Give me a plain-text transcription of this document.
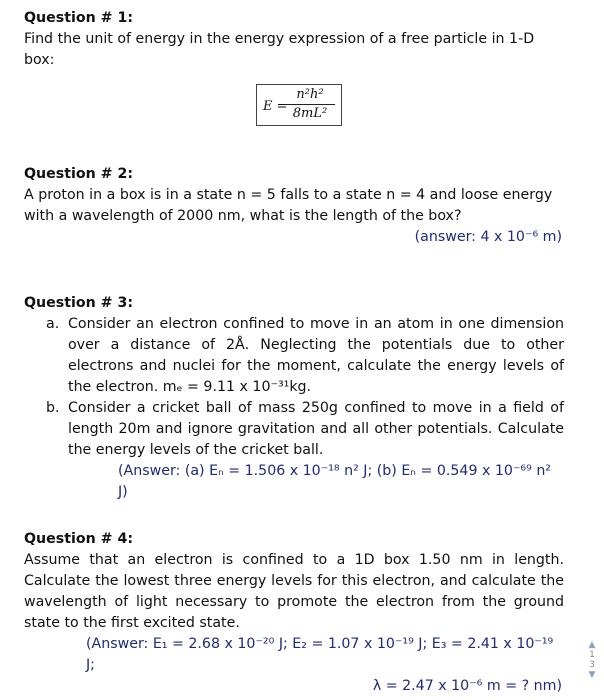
Question # 1:

Find the unit of energy in the energy expression of a free particle in 1-D box:

E =
$\frac{\text{n²h²}}{\text{8mL²}}$

Question # 2:

A proton in a box is in a state n = 5 falls to a state n = 4 and loose energy with a wavelength of 2000 nm, what is the length of the box?

(answer: 4 x 10⁻⁶ m)

Question # 3:

a. Consider an electron confined to move in an atom in one dimension over a distance of 2Å. Neglecting the potentials due to other electrons and nuclei for the moment, calculate the energy levels of the electron. mₑ = 9.11 x 10⁻³¹kg.
b. Consider a cricket ball of mass 250g confined to move in a field of length 20m and ignore gravitation and all other potentials. Calculate the energy levels of the cricket ball.

(Answer: (a) Eₙ = 1.506 x 10⁻¹⁸ n² J; (b) Eₙ = 0.549 x 10⁻⁶⁹ n² J)

Question # 4:

Assume that an electron is confined to a 1D box 1.50 nm in length. Calculate the lowest three energy levels for this electron, and calculate the wavelength of light necessary to promote the electron from the ground state to the first excited state.

(Answer: E₁ = 2.68 x 10⁻²⁰ J; E₂ = 1.07 x 10⁻¹⁹ J; E₃ = 2.41 x 10⁻¹⁹ J;

λ = 2.47 x 10⁻⁶ m = ? nm)

▲
1
3
▼
